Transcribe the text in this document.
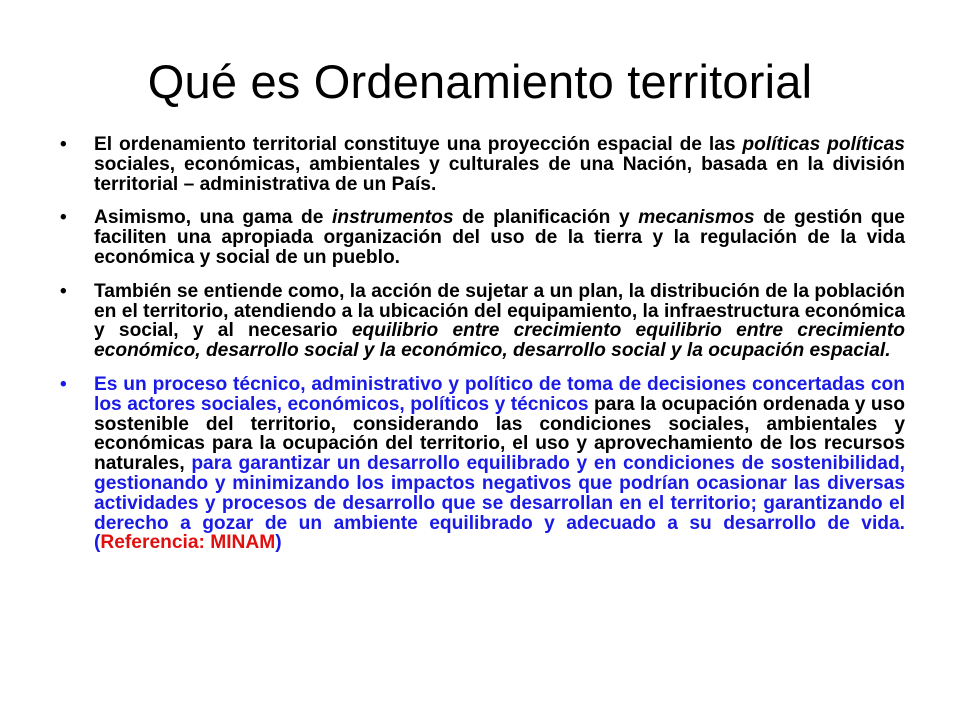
Qué es Ordenamiento territorial
• El ordenamiento territorial constituye una proyección espacial de las políticas políticas sociales, económicas, ambientales y culturales de una Nación, basada en la división territorial – administrativa de un País.
• Asimismo, una gama de instrumentos de planificación y mecanismos de gestión que faciliten una apropiada organización del uso de la tierra y la regulación de la vida económica y social de un pueblo.
• También se entiende como, la acción de sujetar a un plan, la distribución de la población en el territorio, atendiendo a la ubicación del equipamiento, la infraestructura económica y social, y al necesario equilibrio entre crecimiento equilibrio entre crecimiento económico, desarrollo social y la económico, desarrollo social y la ocupación espacial.
• Es un proceso técnico, administrativo y político de toma de decisiones concertadas con los actores sociales, económicos, políticos y técnicos para la ocupación ordenada y uso sostenible del territorio, considerando las condiciones sociales, ambientales y económicas para la ocupación del territorio, el uso y aprovechamiento de los recursos naturales, para garantizar un desarrollo equilibrado y en condiciones de sostenibilidad, gestionando y minimizando los impactos negativos que podrían ocasionar las diversas actividades y procesos de desarrollo que se desarrollan en el territorio; garantizando el derecho a gozar de un ambiente equilibrado y adecuado a su desarrollo de vida. (Referencia: MINAM)
